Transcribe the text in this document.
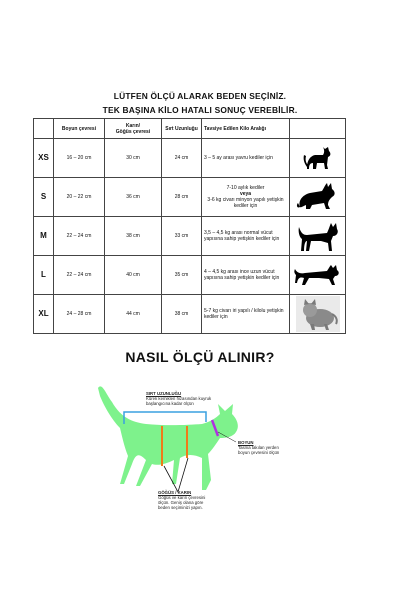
LÜTFEN ÖLÇÜ ALARAK BEDEN SEÇİNİZ.
TEK BAŞINA KİLO HATALI SONUÇ VEREBİLİR.
	Boyun çevresi	Karın/
Göğüs çevresi	Sırt Uzunluğu	Tavsiye Edilen Kilo Aralığı	
XS	16 – 20 cm	30 cm	24 cm	3 – 5 ay arası yavru kediler için

S	20 – 22 cm	36 cm	28 cm	7-10 aylık kediler
veya
3-6 kg civarı minyon yapılı yetişkin
kediler için

M	22 – 24 cm	38 cm	33 cm	3,5 – 4,5 kg arası normal vücut
yapısına sahip yetişkin kediler için

L	22 – 24 cm	40 cm	35 cm	4 – 4,5 kg arası ince uzun vücut
yapısına sahip yetişkin kediler için

XL	24 – 28 cm	44 cm	38 cm	5-7 kg civarı iri yapılı / kilolu yetişkin
kediler için

NASIL ÖLÇÜ ALINIR?
SIRT UZUNLUĞU
Kürek kemikleri hizasından kuyruk
başlangıcına kadar ölçün
BOYUN
Tasma takılan yerden
boyun çevresini ölçün
GÖĞÜS / KARIN
Göğüs ve karın çevresini
ölçün. Geniş olana göre
beden seçiminizi yapın.
